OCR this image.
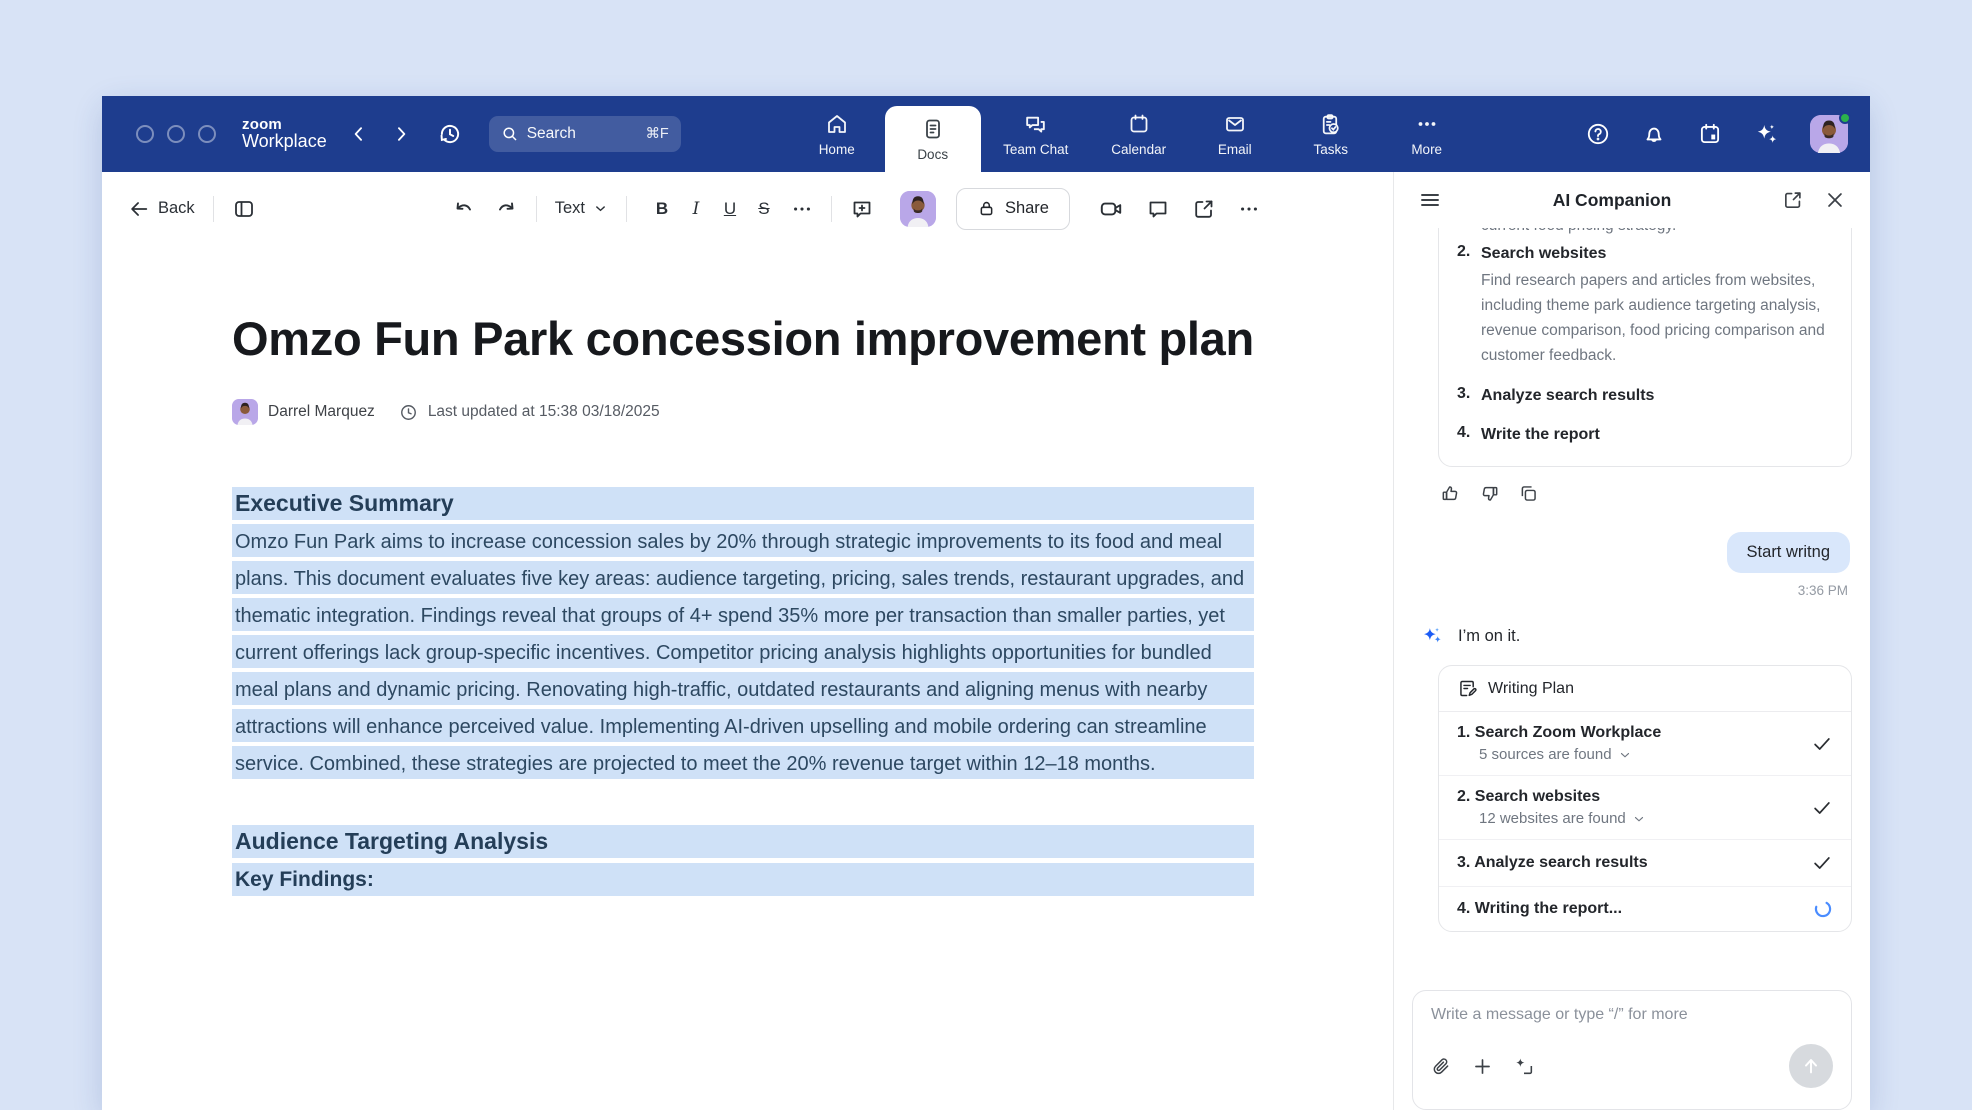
zoom
Workplace	Search	⌘F
Home	Docs	Team Chat	Calendar	Email	Tasks	More
Back	Text	B	I	U	S	Share
Omzo Fun Park concession improvement plan
Darrel Marquez	Last updated at 15:38 03/18/2025
Executive Summary
Omzo Fun Park aims to increase concession sales by 20% through strategic improvements to its food and meal plans. This document evaluates five key areas: audience targeting, pricing, sales trends, restaurant upgrades, and thematic integration. Findings reveal that groups of 4+ spend 35% more per transaction than smaller parties, yet current offerings lack group-specific incentives. Competitor pricing analysis highlights opportunities for bundled meal plans and dynamic pricing. Renovating high-traffic, outdated restaurants and aligning menus with nearby attractions will enhance perceived value. Implementing AI-driven upselling and mobile ordering can streamline service. Combined, these strategies are projected to meet the 20% revenue target within 12–18 months.
Audience Targeting Analysis
Key Findings:
AI Companion
2. Search websites
Find research papers and articles from websites, including theme park audience targeting analysis, revenue comparison, food pricing comparison and customer feedback.
3. Analyze search results
4. Write the report
Start writng
3:36 PM
I’m on it.
Writing Plan
1. Search Zoom Workplace
5 sources are found
2. Search websites
12 websites are found
3. Analyze search results
4. Writing the report...
Write a message or type “/” for more
